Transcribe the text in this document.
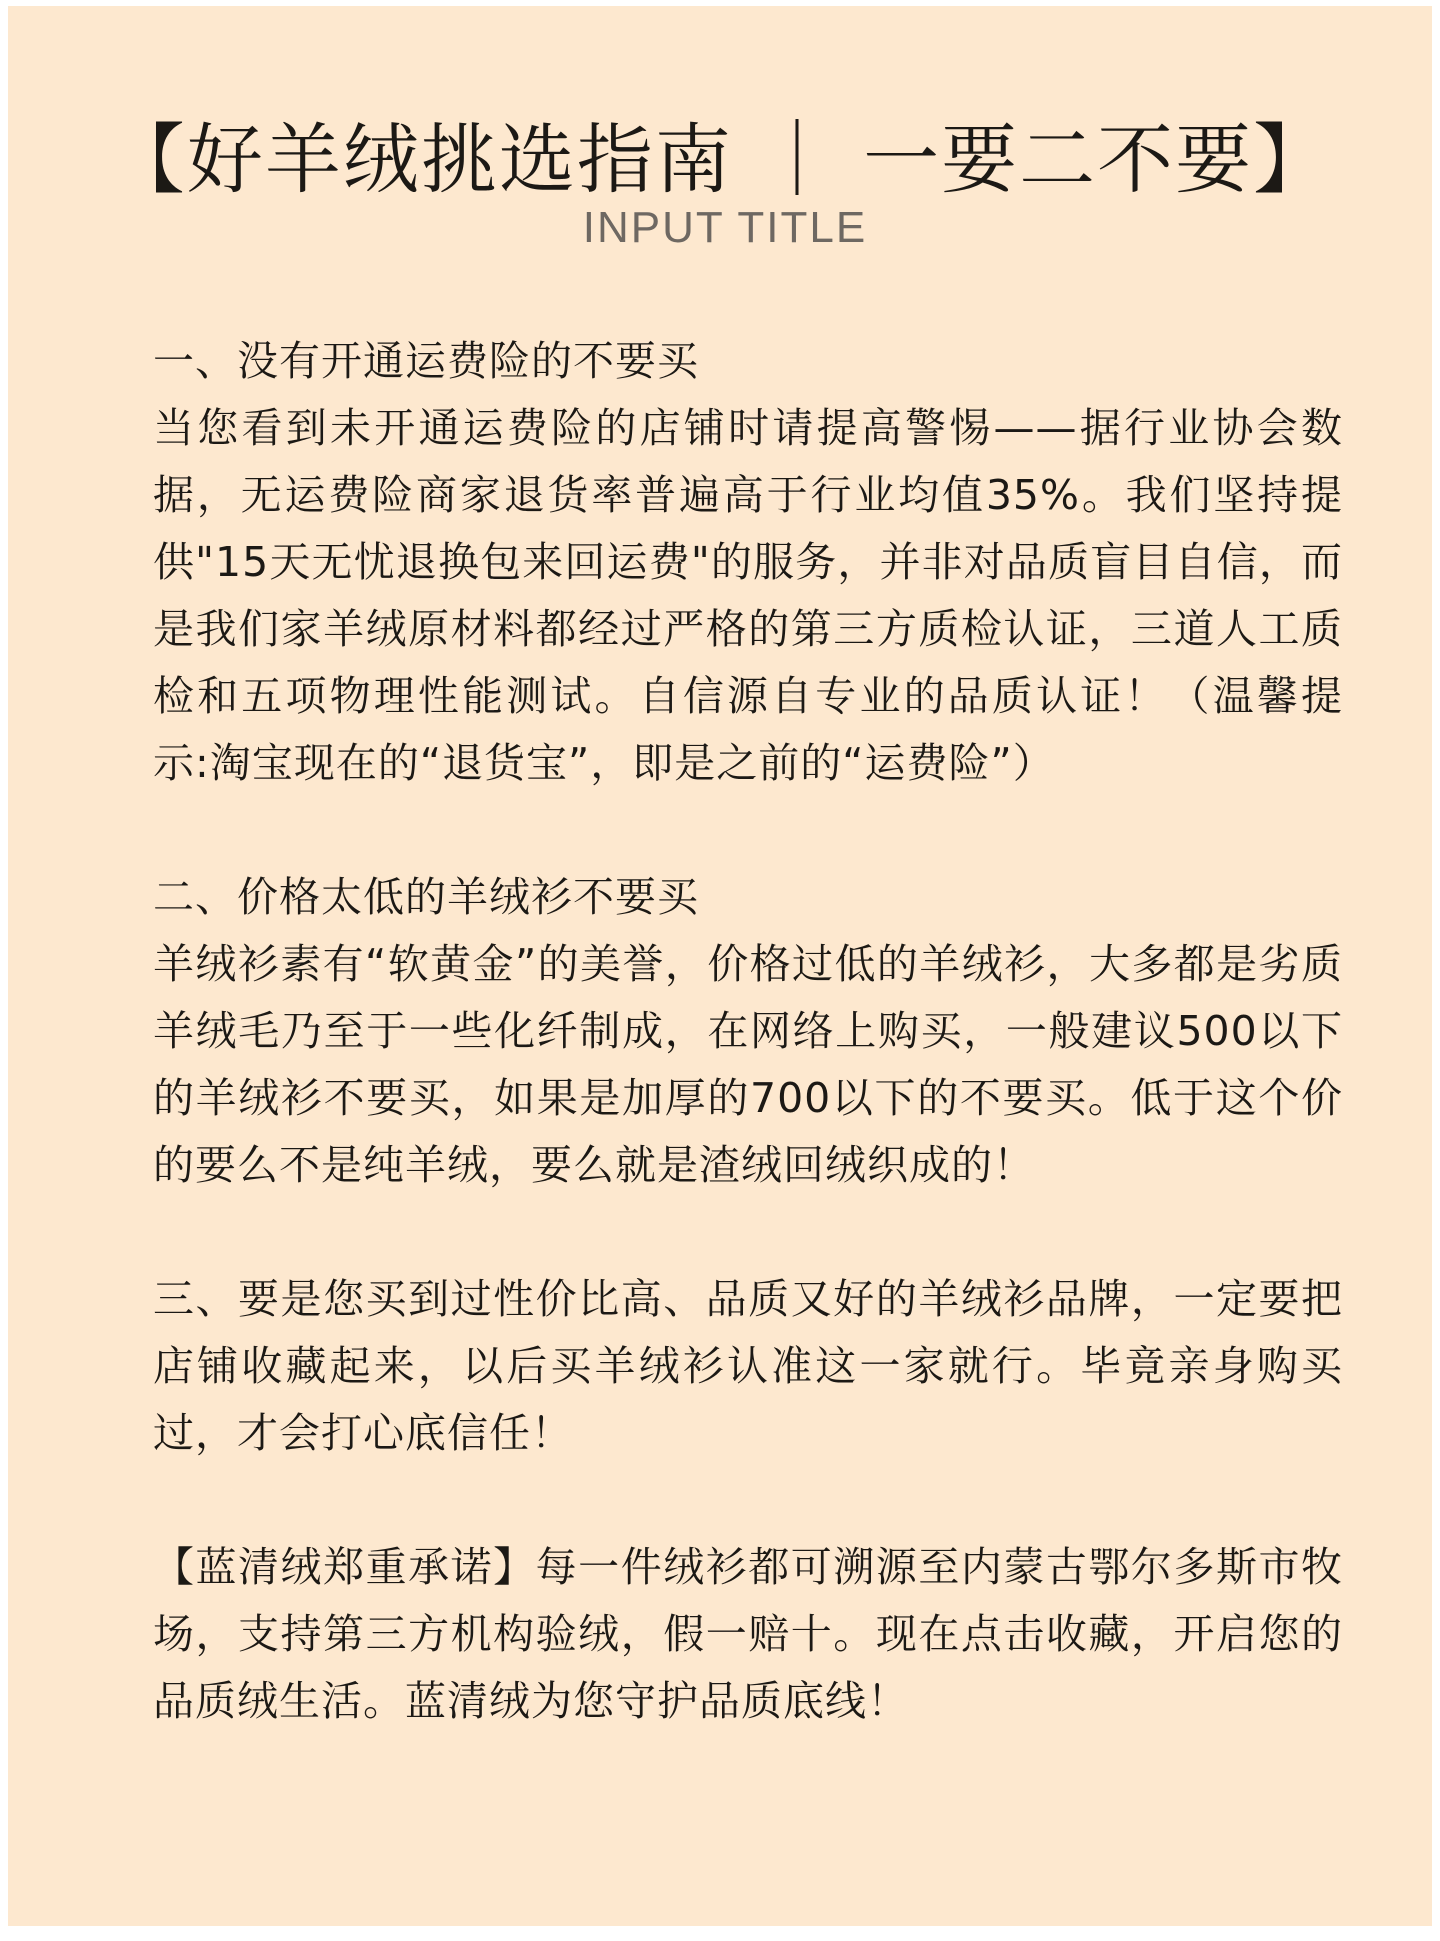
【好羊绒挑选指南 ｜ 一要二不要】
INPUT TITLE
一、没有开通运费险的不要买
当您看到未开通运费险的店铺时请提高警惕——据行业协会数据，无运费险商家退货率普遍高于行业均值35%。我们坚持提供"15天无忧退换包来回运费"的服务，并非对品质盲目自信，而是我们家羊绒原材料都经过严格的第三方质检认证，三道人工质检和五项物理性能测试。自信源自专业的品质认证！（温馨提示:淘宝现在的“退货宝”，即是之前的“运费险”）
二、价格太低的羊绒衫不要买
羊绒衫素有“软黄金”的美誉，价格过低的羊绒衫，大多都是劣质羊绒毛乃至于一些化纤制成，在网络上购买，一般建议500以下的羊绒衫不要买，如果是加厚的700以下的不要买。低于这个价的要么不是纯羊绒，要么就是渣绒回绒织成的！
三、要是您买到过性价比高、品质又好的羊绒衫品牌，一定要把店铺收藏起来，以后买羊绒衫认准这一家就行。毕竟亲身购买过，才会打心底信任！
【蓝清绒郑重承诺】每一件绒衫都可溯源至内蒙古鄂尔多斯市牧场，支持第三方机构验绒，假一赔十。现在点击收藏，开启您的品质绒生活。蓝清绒为您守护品质底线！
